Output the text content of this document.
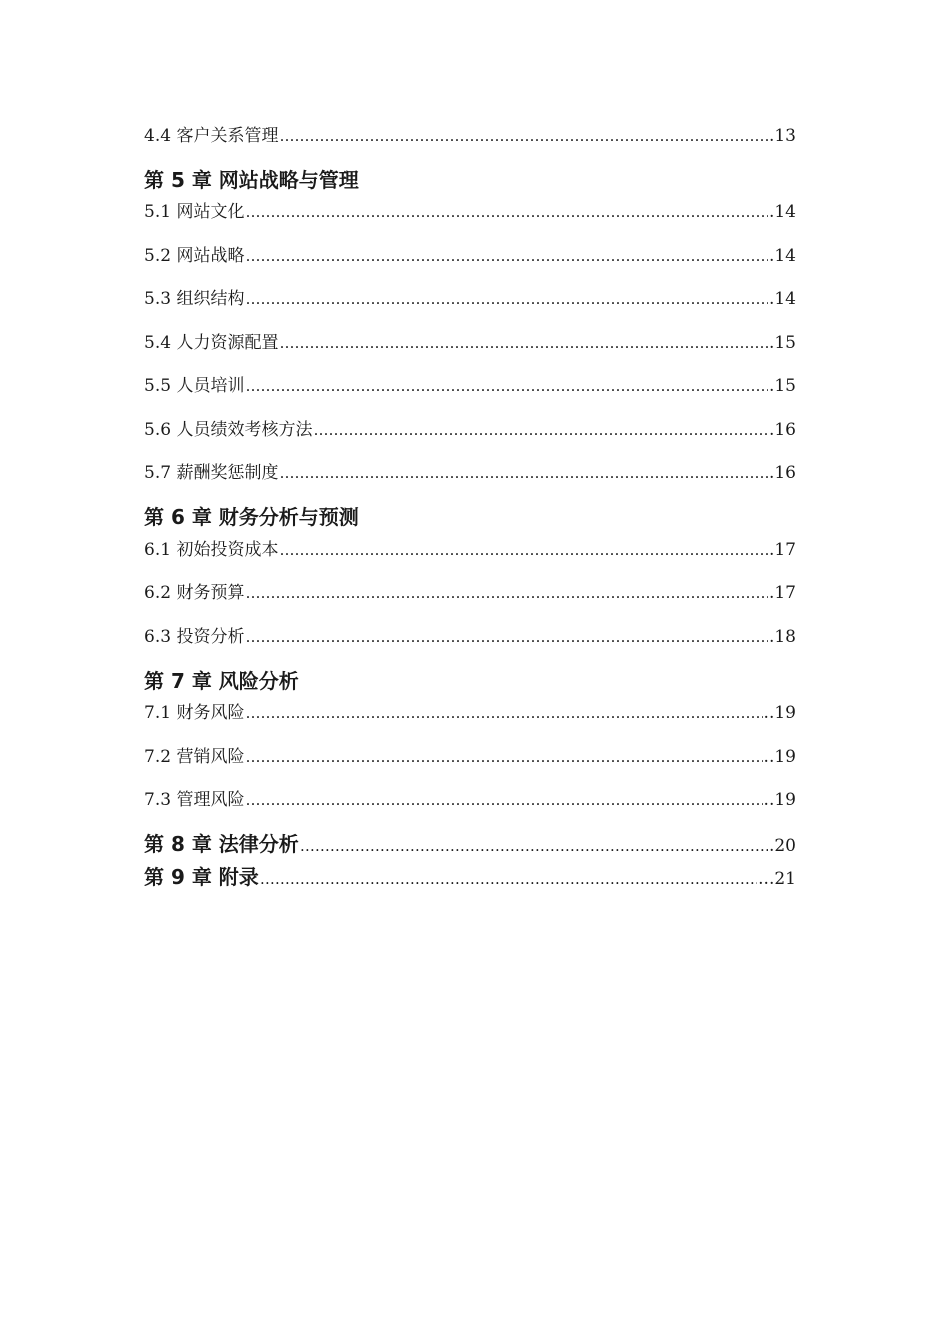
4.4 客户关系管理 ……………………………………………………………………………………………………………………………………………………………………………………………………	.13
第 5 章 网站战略与管理
5.1 网站文化 ……………………………………………………………………………………………………………………………………………………………………………………………………	.14
5.2 网站战略 ……………………………………………………………………………………………………………………………………………………………………………………………………	.14
5.3 组织结构 ……………………………………………………………………………………………………………………………………………………………………………………………………	.14
5.4 人力资源配置 ……………………………………………………………………………………………………………………………………………………………………………………………………	.15
5.5 人员培训 ……………………………………………………………………………………………………………………………………………………………………………………………………	.15
5.6 人员绩效考核方法 ……………………………………………………………………………………………………………………………………………………………………………………………………	.16
5.7 薪酬奖惩制度 ……………………………………………………………………………………………………………………………………………………………………………………………………	.16
第 6 章 财务分析与预测
6.1 初始投资成本 ……………………………………………………………………………………………………………………………………………………………………………………………………	.17
6.2 财务预算 ……………………………………………………………………………………………………………………………………………………………………………………………………	.17
6.3 投资分析 ……………………………………………………………………………………………………………………………………………………………………………………………………	.18
第 7 章 风险分析
7.1 财务风险 ……………………………………………………………………………………………………………………………………………………………………………………………………	..19
7.2 营销风险 ……………………………………………………………………………………………………………………………………………………………………………………………………	..19
7.3 管理风险 ……………………………………………………………………………………………………………………………………………………………………………………………………	..19
第 8 章 法律分析 ……………………………………………………………………………………………………………………………………………………………………………………………………	.20
第 9 章 附录 ……………………………………………………………………………………………………………………………………………………………………………………………………	...21
